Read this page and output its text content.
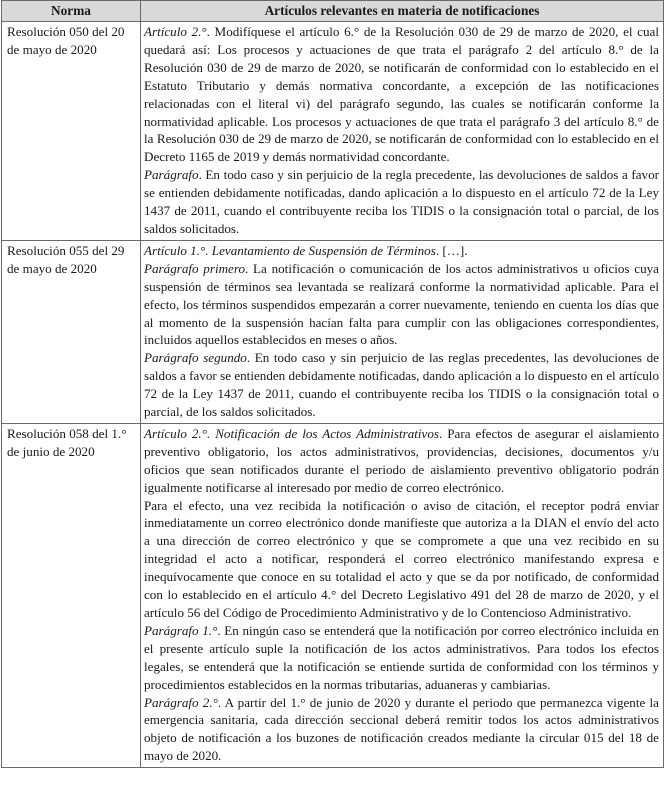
Norma	Artículos relevantes en materia de notificaciones
Resolución 050 del 20 de mayo de 2020	Artículo 2.°. Modifíquese el artículo 6.° de la Resolución 030 de 29 de marzo de 2020, el cual quedará así: Los procesos y actuaciones de que trata el parágrafo 2 del artículo 8.° de la Resolución 030 de 29 de marzo de 2020, se notificarán de conformidad con lo establecido en el Estatuto Tributario y demás normativa concordante, a excepción de las notificaciones relacionadas con el literal vi) del parágrafo segundo, las cuales se notificarán conforme la normatividad aplicable. Los procesos y actuaciones de que trata el parágrafo 3 del artículo 8.° de la Resolución 030 de 29 de marzo de 2020, se notificarán de conformidad con lo establecido en el Decreto 1165 de 2019 y demás normatividad concordante.

Parágrafo. En todo caso y sin perjuicio de la regla precedente, las devoluciones de saldos a favor se entienden debidamente notificadas, dando aplicación a lo dispuesto en el artículo 72 de la Ley 1437 de 2011, cuando el contribuyente reciba los TIDIS o la consignación total o parcial, de los saldos solicitados.

Resolución 055 del 29 de mayo de 2020	Artículo 1.°. Levantamiento de Suspensión de Términos. […].

Parágrafo primero. La notificación o comunicación de los actos administrativos u oficios cuya suspensión de términos sea levantada se realizará conforme la normatividad aplicable. Para el efecto, los términos suspendidos empezarán a correr nuevamente, teniendo en cuenta los días que al momento de la suspensión hacían falta para cumplir con las obligaciones correspondientes, incluidos aquellos establecidos en meses o años.

Parágrafo segundo. En todo caso y sin perjuicio de las reglas precedentes, las devoluciones de saldos a favor se entienden debidamente notificadas, dando aplicación a lo dispuesto en el artículo 72 de la Ley 1437 de 2011, cuando el contribuyente reciba los TIDIS o la consignación total o parcial, de los saldos solicitados.

Resolución 058 del 1.° de junio de 2020	Artículo 2.°. Notificación de los Actos Administrativos. Para efectos de asegurar el aislamiento preventivo obligatorio, los actos administrativos, providencias, decisiones, documentos y/u oficios que sean notificados durante el periodo de aislamiento preventivo obligatorio podrán igualmente notificarse al interesado por medio de correo electrónico.

Para el efecto, una vez recibida la notificación o aviso de citación, el receptor podrá enviar inmediatamente un correo electrónico donde manifieste que autoriza a la DIAN el envío del acto a una dirección de correo electrónico y que se compromete a que una vez recibido en su integridad el acto a notificar, responderá el correo electrónico manifestando expresa e inequívocamente que conoce en su totalidad el acto y que se da por notificado, de conformidad con lo establecido en el artículo 4.° del Decreto Legislativo 491 del 28 de marzo de 2020, y el artículo 56 del Código de Procedimiento Administrativo y de lo Contencioso Administrativo.

Parágrafo 1.°. En ningún caso se entenderá que la notificación por correo electrónico incluida en el presente artículo suple la notificación de los actos administrativos. Para todos los efectos legales, se entenderá que la notificación se entiende surtida de conformidad con los términos y procedimientos establecidos en la normas tributarias, aduaneras y cambiarias.

Parágrafo 2.°. A partir del 1.° de junio de 2020 y durante el periodo que permanezca vigente la emergencia sanitaria, cada dirección seccional deberá remitir todos los actos administrativos objeto de notificación a los buzones de notificación creados mediante la circular 015 del 18 de mayo de 2020.
